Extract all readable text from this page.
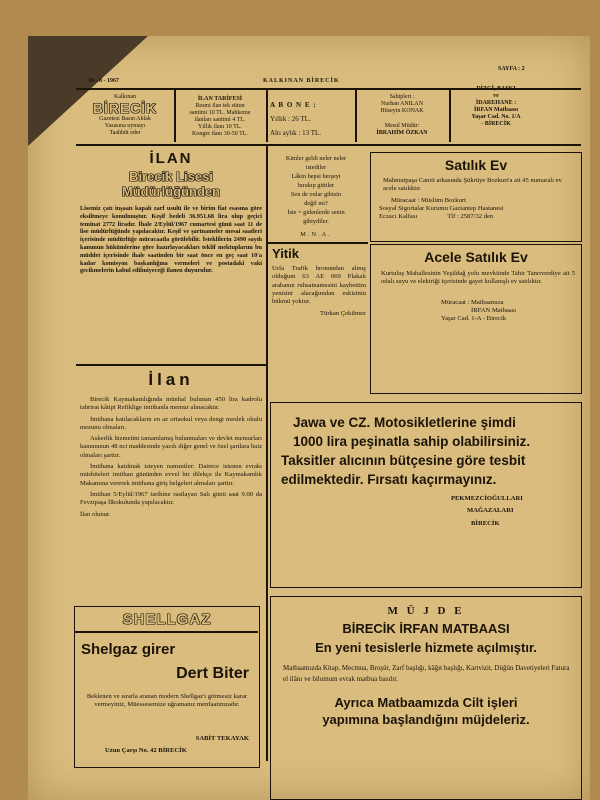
18 - 8 - 1967	KALKINAN BİRECİK
SAYFA : 2
Kalkınan
BİRECİK
Gazetesi Basın Ahlak
Yasasına uymayı
Taahhüt eder
İLAN TARİFESİ
Resmi ilan tek sütun
santimi 10 TL. Mahkeme
ilanları santimi 4 TL.
Yıllık ilanı 10 TL.
Kongre ilanı 30-50 TL.
A B O N E :
Yıllık : 26 TL.
Altı aylık : 13 TL.
Sahipleri :
Nurhan ANILAN
Hüseyin KONAK
Mesul Müdür:
İBRAHİM ÖZKAN
DİZGİ, BASKI
ve
İDAREHANE :
İRFAN Matbaası
Yaşar Cad. No. 1/A
- BİRECİK
İLAN
Birecik Lisesi
Müdürlüğünden

Lisemiz çatı inşaatı kapalı zarf usulü ile ve birim fiat esasına göre eksiltmeye konulmuştur. Keşif bedeli 36.951.68 lira olup geçici teminat 2772 liradır. İhale 2/Eylül/1967 cumartesi günü saat 11 de lise müdürlüğünde yapılacaktır. Keşif ve şartnameler mesai saatleri içerisinde müdürlüğe müracaatla görülebilir. İsteklilerin 2490 sayılı kanunun hükümlerine göre hazırlayacakları teklif mektuplarını bu müddet içerisinde ihale saatinden bir saat önce en geç saat 10'a kadar komisyon başkanlığına vermeleri ve postadaki vaki gecikmelerin kabul edilmiyeceği ilanen duyurulur.

İlan

Birecik Kaymakamlığında münhal bulunan 450 lira kadrolu tahrirat kâtipi Refiklige imtihanla memur alınacaktır.

İmtihana katılacakların en az ortaokul veya dengi meslek okulu mezunu olmaları.

Askerlik hizmetini tamamlamış bulunmaları ve devlet memurları kanununun 48 nci maddesinde yazılı diğer genel ve özel şartlara haiz olmaları şarttır.

İmtihana katılmak isteyen namzetler: Dairece istenen evrakı müsbiteleri imtihan gününden evvel bir dilekçe ile Kaymakamlık Makamına vererek imtihana giriş belgeleri almaları şarttır.

İmtihan 5/Eylül/1967 tarihine rastlayan Salı günü saat 9.00 da Fevzipaşa İlkokulunda yapılacaktır.

İlan olunur.

SHELLGAZ
Shelgaz girer
Dert Biter

Beklenen ve ısrarla aranan modern Shellgaz'ı görmesiz karar vermeyiniz, Müessesemize uğramanız menfaatınızadır.

SABİT TEKAYAK
Uzun Çarşı No. 42 BİRECİK
Kimler geldi neler neler
istediler
Lâkin hepsi herşeyi
bırakıp gittiler
Sen de onlar gibisin
değil mi?
İste = gidenlerde senin
gibiydiler.
M.N.A.
Satılık Ev

Mahmutpaşa Camii arkasında Şükrüye Bozkurt'a ait 45 numaralı ev acele satılıktır.

Müracaat : Müslüm Bozkurt
Sosyal Sigortalar Kurumu Gaziantep Hastanesi
Eczacı Kalfası	Tlf : 2587/32 den
Yitik

Urfa Trafik bronundan almış olduğum 63 AE 069 Plakalı arabanın ruhsatnamesini kaybettim yenisini alacağımdan eskisinin hükmü yoktur.

Türkan Çekilmez
Acele Satılık Ev

Kurtuluş Mahallesinin Yeşildağ yolu mevkiinde Tahir Tanrıverdiye ait 5 odalı suyu ve elektriği içerisinde gayet kullanışlı ev satılıktır.

Müracaat : Matbaamıza
İRFAN Matbaası
Yaşar Cad. 1-A - Birecik
Jawa ve CZ. Motosikletlerine şimdi
1000 lira peşinatla sahip olabilirsiniz.
Taksitler alıcının bütçesine göre tesbit
edilmektedir. Fırsatı kaçırmayınız.
PEKMEZCİOĞULLARI
MAĞAZALARI
BİRECİK
M Ü J D E
BİRECİK İRFAN MATBAASI
En yeni tesislerle hizmete açılmıştır.

Matbaamızda Kitap, Mecmua, Broşür, Zarf başlığı, kâğıt başlığı, Kartvizit, Düğün Davetiyeleri Fatura el ilânı ve bilumum evrak matbua basılır.

Ayrıca Matbaamızda Cilt işleri
yapımına başlandığını müjdeleriz.
